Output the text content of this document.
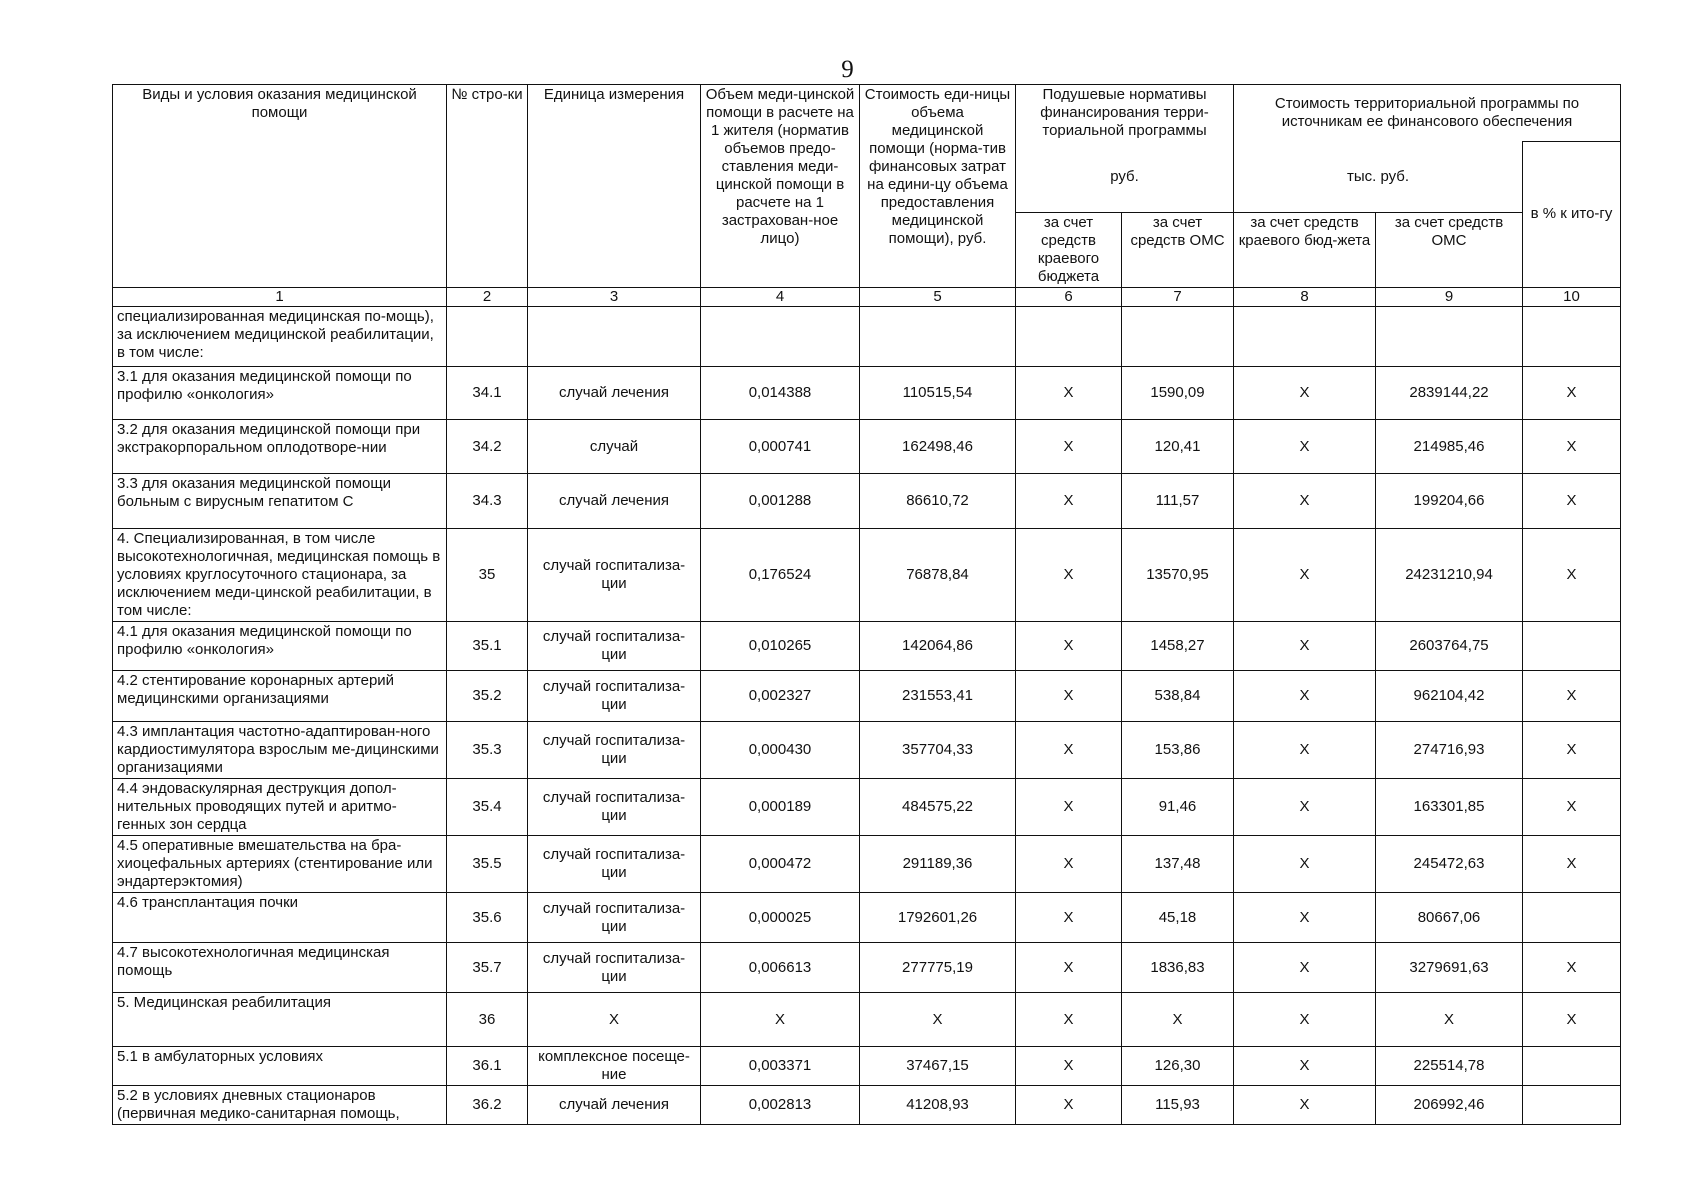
9
Виды и условия оказания медицинской помощи	№ стро-ки	Единица измерения	Объем меди-цинской помощи в расчете на 1 жителя (норматив объемов предо-ставления меди-цинской помощи в расчете на 1 застрахован-ное лицо)	Стоимость еди-ницы объема медицинской помощи (норма-тив финансовых затрат на едини-цу объема предоставления медицинской помощи), руб.	Подушевые нормативы финансирования терри-ториальной программы		Стоимость территориальной программы по источникам ее финансового обеспечения		
					руб.		тыс. руб.		в % к ито-гу
					за счет средств краевого бюджета	за счет средств ОМС	за счет средств краевого бюд-жета	за счет средств ОМС	
1	2	3	4	5	6	7	8	9	10
специализированная медицинская по-мощь), за исключением медицинской реабилитации, в том числе:									
3.1 для оказания медицинской помощи по профилю «онкология»	34.1	случай лечения	0,014388	110515,54	X	1590,09	X	2839144,22	X
3.2 для оказания медицинской помощи при экстракорпоральном оплодотворе-нии	34.2	случай	0,000741	162498,46	X	120,41	X	214985,46	X
3.3 для оказания медицинской помощи больным с вирусным гепатитом С	34.3	случай лечения	0,001288	86610,72	X	111,57	X	199204,66	X
4. Специализированная, в том числе высокотехнологичная, медицинская помощь в условиях круглосуточного стационара, за исключением меди-цинской реабилитации, в том числе:	35	случай госпитализа-ции	0,176524	76878,84	X	13570,95	X	24231210,94	X
4.1 для оказания медицинской помощи по профилю «онкология»	35.1	случай госпитализа-ции	0,010265	142064,86	X	1458,27	X	2603764,75	
4.2 стентирование коронарных артерий медицинскими организациями	35.2	случай госпитализа-ции	0,002327	231553,41	X	538,84	X	962104,42	X
4.3 имплантация частотно-адаптирован-ного кардиостимулятора взрослым ме-дицинскими организациями	35.3	случай госпитализа-ции	0,000430	357704,33	X	153,86	X	274716,93	X
4.4 эндоваскулярная деструкция допол-нительных проводящих путей и аритмо-генных зон сердца	35.4	случай госпитализа-ции	0,000189	484575,22	X	91,46	X	163301,85	X
4.5 оперативные вмешательства на бра-хиоцефальных артериях (стентирование или эндартерэктомия)	35.5	случай госпитализа-ции	0,000472	291189,36	X	137,48	X	245472,63	X
4.6 трансплантация почки	35.6	случай госпитализа-ции	0,000025	1792601,26	X	45,18	X	80667,06	
4.7 высокотехнологичная медицинская помощь	35.7	случай госпитализа-ции	0,006613	277775,19	X	1836,83	X	3279691,63	X
5. Медицинская реабилитация	36	X	X	X	X	X	X	X	X
5.1 в амбулаторных условиях	36.1	комплексное посеще-ние	0,003371	37467,15	X	126,30	X	225514,78	
5.2 в условиях дневных стационаров (первичная медико-санитарная помощь,	36.2	случай лечения	0,002813	41208,93	X	115,93	X	206992,46	
